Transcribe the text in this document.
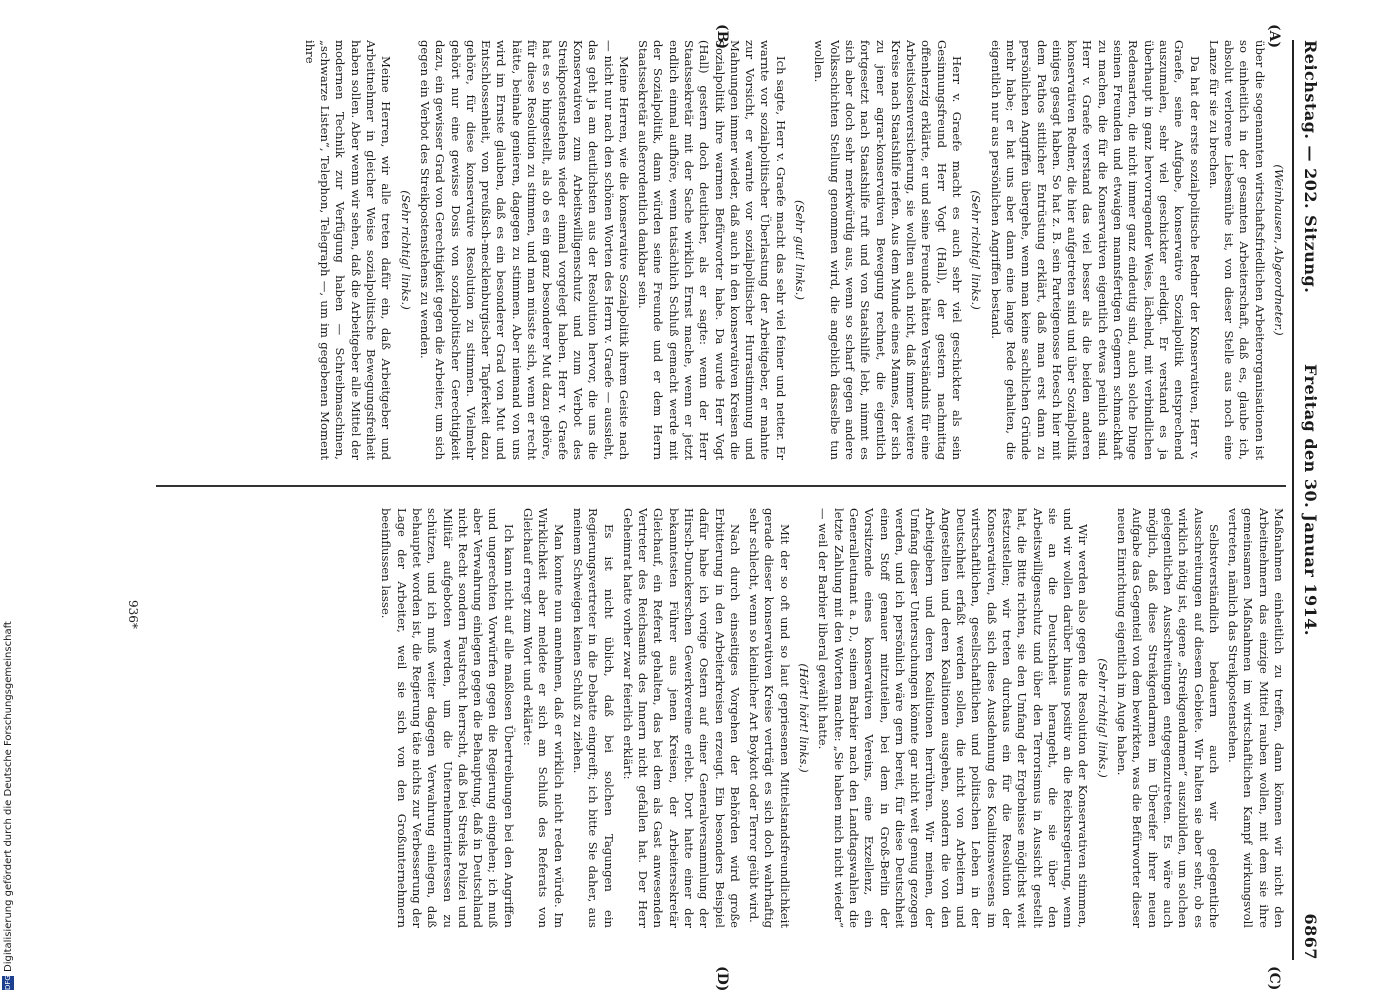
Reichstag. — 202. Sitzung.
Freitag den 30. Januar 1914.
6867
(A)
(B)
(C)
(D)

(Weinhausen, Abgeordneter.)

über die sogenannten wirtschaftsfriedlichen Arbeiterorganisationen ist so einheitlich in der gesamten Arbeiterschaft, daß es, glaube ich, absolut verlorene Liebesmühe ist, von dieser Stelle aus noch eine Lanze für sie zu brechen.

Da hat der erste sozialpolitische Redner der Konservativen, Herr v. Graefe, seine Aufgabe, konservative Sozialpolitik entsprechend auszumalen, sehr viel geschickter erledigt. Er verstand es ja überhaupt in ganz hervorragender Weise, lächelnd, mit verbindlichen Redensarten, die nicht immer ganz eindeutig sind, auch solche Dinge seinen Freunden und etwaigen mannsfertigen Gegnern schmackhaft zu machen, die für die Konservativen eigentlich etwas peinlich sind. Herr v. Graefe verstand das viel besser als die beiden anderen konservativen Redner, die hier aufgetreten sind und über Sozialpolitik einiges gesagt haben. So hat z. B. sein Parteigenosse Hoesch hier mit dem Pathos sittlicher Entrüstung erklärt, daß man erst dann zu persönlichen Angriffen übergehe, wenn man keine sachlichen Gründe mehr habe; er hat uns aber dann eine lange Rede gehalten, die eigentlich nur aus persönlichen Angriffen bestand.

(Sehr richtig! links.)

Herr v. Graefe macht es auch sehr viel geschickter als sein Gesinnungsfreund Herr Vogt (Hall), der gestern nachmittag offenherzig erklärte, er und seine Freunde hätten Verständnis für eine Arbeitslosenversicherung, sie wollten auch nicht, daß immer weitere Kreise nach Staatshilfe riefen. Aus dem Munde eines Mannes, der sich zu jener agrar-konservativen Bewegung rechnet, die eigentlich fortgesetzt nach Staatshilfe ruft und von Staatshilfe lebt, nimmt es sich aber doch sehr merkwürdig aus, wenn so scharf gegen andere Volksschichten Stellung genommen wird, die angeblich dasselbe tun wollen.

(Sehr gut! links.)

Ich sagte, Herr v. Graefe macht das sehr viel feiner und netter. Er warnte vor sozialpolitischer Überlastung der Arbeitgeber, er mahnte zur Vorsicht, er warnte vor sozialpolitischer Hurrastimmung und Mahnungen immer wieder, daß auch in den konservativen Kreisen die Sozialpolitik ihre warmen Befürworter habe. Da wurde Herr Vogt (Hall) gestern doch deutlicher, als er sagte: wenn der Herr Staatssekretär mit der Sache wirklich Ernst mache, wenn er jetzt endlich einmal aufhöre, wenn tatsächlich Schluß gemacht werde mit der Sozialpolitik, dann würden seine Freunde und er dem Herrn Staatssekretär außerordentlich dankbar sein.

Meine Herren, wie die konservative Sozialpolitik ihrem Geiste nach — nicht nur nach den schönen Worten des Herrn v. Graefe — aussieht, das geht ja am deutlichsten aus der Resolution hervor, die uns die Konservativen zum Arbeitswilligenschutz und zum Verbot des Streikpostenstehens wieder einmal vorgelegt haben. Herr v. Graefe hat es so hingestellt, als ob es ein ganz besonderer Mut dazu gehöre, für diese Resolution zu stimmen, und man müsste sich, wenn er recht hätte, beinahe genieren, dagegen zu stimmen. Aber niemand von uns wird im Ernste glauben, daß es ein besonderer Grad von Mut und Entschlossenheit, von preußisch-mecklenburgischer Tapferkeit dazu gehöre, für diese konservative Resolution zu stimmen. Vielmehr gehört nur eine gewisse Dosis von sozialpolitischer Gerechtigkeit dazu, ein gewisser Grad von Gerechtigkeit gegen die Arbeiter, um sich gegen ein Verbot des Streikpostenstehens zu wenden.

(Sehr richtig! links.)

Meine Herren, wir alle treten dafür ein, daß Arbeitgeber und Arbeitnehmer in gleicher Weise sozialpolitische Bewegungsfreiheit haben sollen. Aber wenn wir sehen, daß die Arbeitgeber alle Mittel der modernen Technik zur Verfügung haben — Schreibmaschinen, „schwarze Listen“, Telephon, Telegraph —, um im gegebenen Moment ihre

Maßnahmen einheitlich zu treffen, dann können wir nicht den Arbeitnehmern das einzige Mittel rauben wollen, mit dem sie ihre gemeinsamen Maßnahmen im wirtschaftlichen Kampf wirkungsvoll vertreten, nämlich das Streikpostenstehen.

Selbstverständlich bedauern auch wir gelegentliche Ausschreitungen auf diesem Gebiete. Wir halten sie aber sehr, ob es wirklich nötig ist, eigene „Streikgendarmen“ auszubilden, um solchen gelegentlichen Ausschreitungen entgegenzutreten. Es wäre auch möglich, daß diese Streikgendarmen im Übereifer ihrer neuen Aufgabe das Gegenteil von dem bewirkten, was die Befürworter dieser neuen Einrichtung eigentlich im Auge haben.

(Sehr richtig! links.)

Wir werden also gegen die Resolution der Konservativen stimmen, und wir wollen darüber hinaus positiv an die Reichsregierung, wenn sie an die Deutschheit herangeht, die sie über den Arbeitswilligenschutz und über den Terrorismus in Aussicht gestellt hat, die Bitte richten, sie den Umfang der Ergebnisse möglichst weit festzustellen; wir treten durchaus ein für die Resolution der Konservativen, daß sich diese Ausdehnung des Koalitionswesens im wirtschaftlichen, gesellschaftlichen und politischen Leben in der Deutschheit erfaßt werden sollen, die nicht von Arbeitern und Angestellten und deren Koalitionen ausgehen, sondern die von den Arbeitgebern und deren Koalitionen herrühren. Wir meinen, der Umfang dieser Untersuchungen könnte gar nicht weit genug gezogen werden, und ich persönlich wäre gern bereit, für diese Deutschheit einen Stoff genauer mitzuteilen, bei dem in Groß-Berlin der Vorsitzende eines konservativen Vereins, eine Exzellenz, ein Generalleutnant a. D., seinem Barbier nach den Landtagswahlen die letzte Zahlung mit den Worten machte: „Sie haben mich nicht wieder“ — weil der Barbier liberal gewählt hatte.

(Hört! hört! links.)

Mit der so oft und so laut gepriesenen Mittelstandsfreundlichkeit gerade dieser konservativen Kreise verträgt es sich doch wahrhaftig sehr schlecht, wenn so kleinlicher Art Boykott oder Terror geübt wird.

Nach durch einseitiges Vorgehen der Behörden wird große Erbitterung in den Arbeiterkreisen erzeugt. Ein besonders Beispiel dafür habe ich vorige Ostern auf einer Generalversammlung der Hirsch-Dunckerschen Gewerkvereine erlebt. Dort hatte einer der bekanntesten Führer aus jenen Kreisen, der Arbeitersekretär Gleichauf, ein Referat gehalten, das bei dem als Gast anwesenden Vertreter des Reichsamts des Innern nicht gefallen hat. Der Herr Geheimrat hatte vorher zwar feierlich erklärt:

Es ist nicht üblich, daß bei solchen Tagungen ein Regierungsvertreter in die Debatte eingreift; ich bitte Sie daher, aus meinem Schweigen keinen Schluß zu ziehen.

Man konnte nun annehmen, daß er wirklich nicht reden würde. Im Wirklichkeit aber meldete er sich am Schluß des Referats von Gleichauf erregt zum Wort und erklärte:

Ich kann nicht auf alle maßlosen Übertreibungen bei den Angriffen und ungerechten Vorwürfen gegen die Regierung eingehen; ich muß aber Verwahrung einlegen gegen die Behauptung, daß in Deutschland nicht Recht sondern Faustrecht herrscht, daß bei Streiks Polizei und Militär aufgeboten werden, um die Unternehmerinteressen zu schützen, und ich muß weiter dagegen Verwahrung einlegen, daß behauptet worden ist, die Regierung täte nichts zur Verbesserung der Lage der Arbeiter, weil sie sich von den Großunternehmern beeinflussen lasse.

936*
DFGDigitalisierung gefördert durch die Deutsche Forschungsgemeinschaft
